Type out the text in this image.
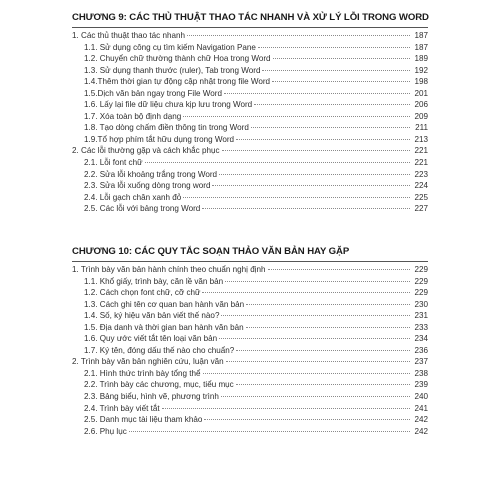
CHƯƠNG 9: CÁC THỦ THUẬT THAO TÁC NHANH VÀ XỬ LÝ LỖI TRONG WORD
1. Các thủ thuật thao tác nhanh	187
1.1. Sử dụng công cụ tìm kiếm Navigation Pane	187
1.2. Chuyển chữ thường thành chữ Hoa trong Word	189
1.3. Sử dụng thanh thước (ruler), Tab trong Word	192
1.4.Thêm thời gian tự động cập nhật trong file Word	198
1.5.Dịch văn bản ngay trong File Word	201
1.6. Lấy lại file dữ liệu chưa kịp lưu trong Word	206
1.7. Xóa toàn bộ định dạng	209
1.8. Tạo dòng chấm điền thông tin trong Word	211
1.9.Tổ hợp phím tắt hữu dụng trong Word	213
2. Các lỗi thường gặp và cách khắc phục	221
2.1. Lỗi font chữ	221
2.2. Sửa lỗi khoảng trắng trong Word	223
2.3. Sửa lỗi xuống dòng trong word	224
2.4. Lỗi gạch chân xanh đỏ	225
2.5. Các lỗi với bảng trong Word	227
CHƯƠNG 10: CÁC QUY TẮC SOẠN THẢO VĂN BẢN HAY GẶP
1. Trình bày văn bản hành chính theo chuẩn nghị định	229
1.1. Khổ giấy, trình bày, căn lề văn bản	229
1.2. Cách chọn font chữ, cỡ chữ	229
1.3. Cách ghi tên cơ quan ban hành văn bản	230
1.4. Số, ký hiệu văn bản viết thế nào?	231
1.5. Địa danh và thời gian ban hành văn bản	233
1.6. Quy ước viết tắt tên loại văn bản	234
1.7. Ký tên, đóng dấu thế nào cho chuẩn?	236
2. Trình bày văn bản nghiên cứu, luận văn	237
2.1. Hình thức trình bày tổng thể	238
2.2. Trình bày các chương, mục, tiểu mục	239
2.3. Bảng biểu, hình vẽ, phương trình	240
2.4. Trình bày viết tắt	241
2.5. Danh mục tài liệu tham khảo	242
2.6. Phụ lục	242
